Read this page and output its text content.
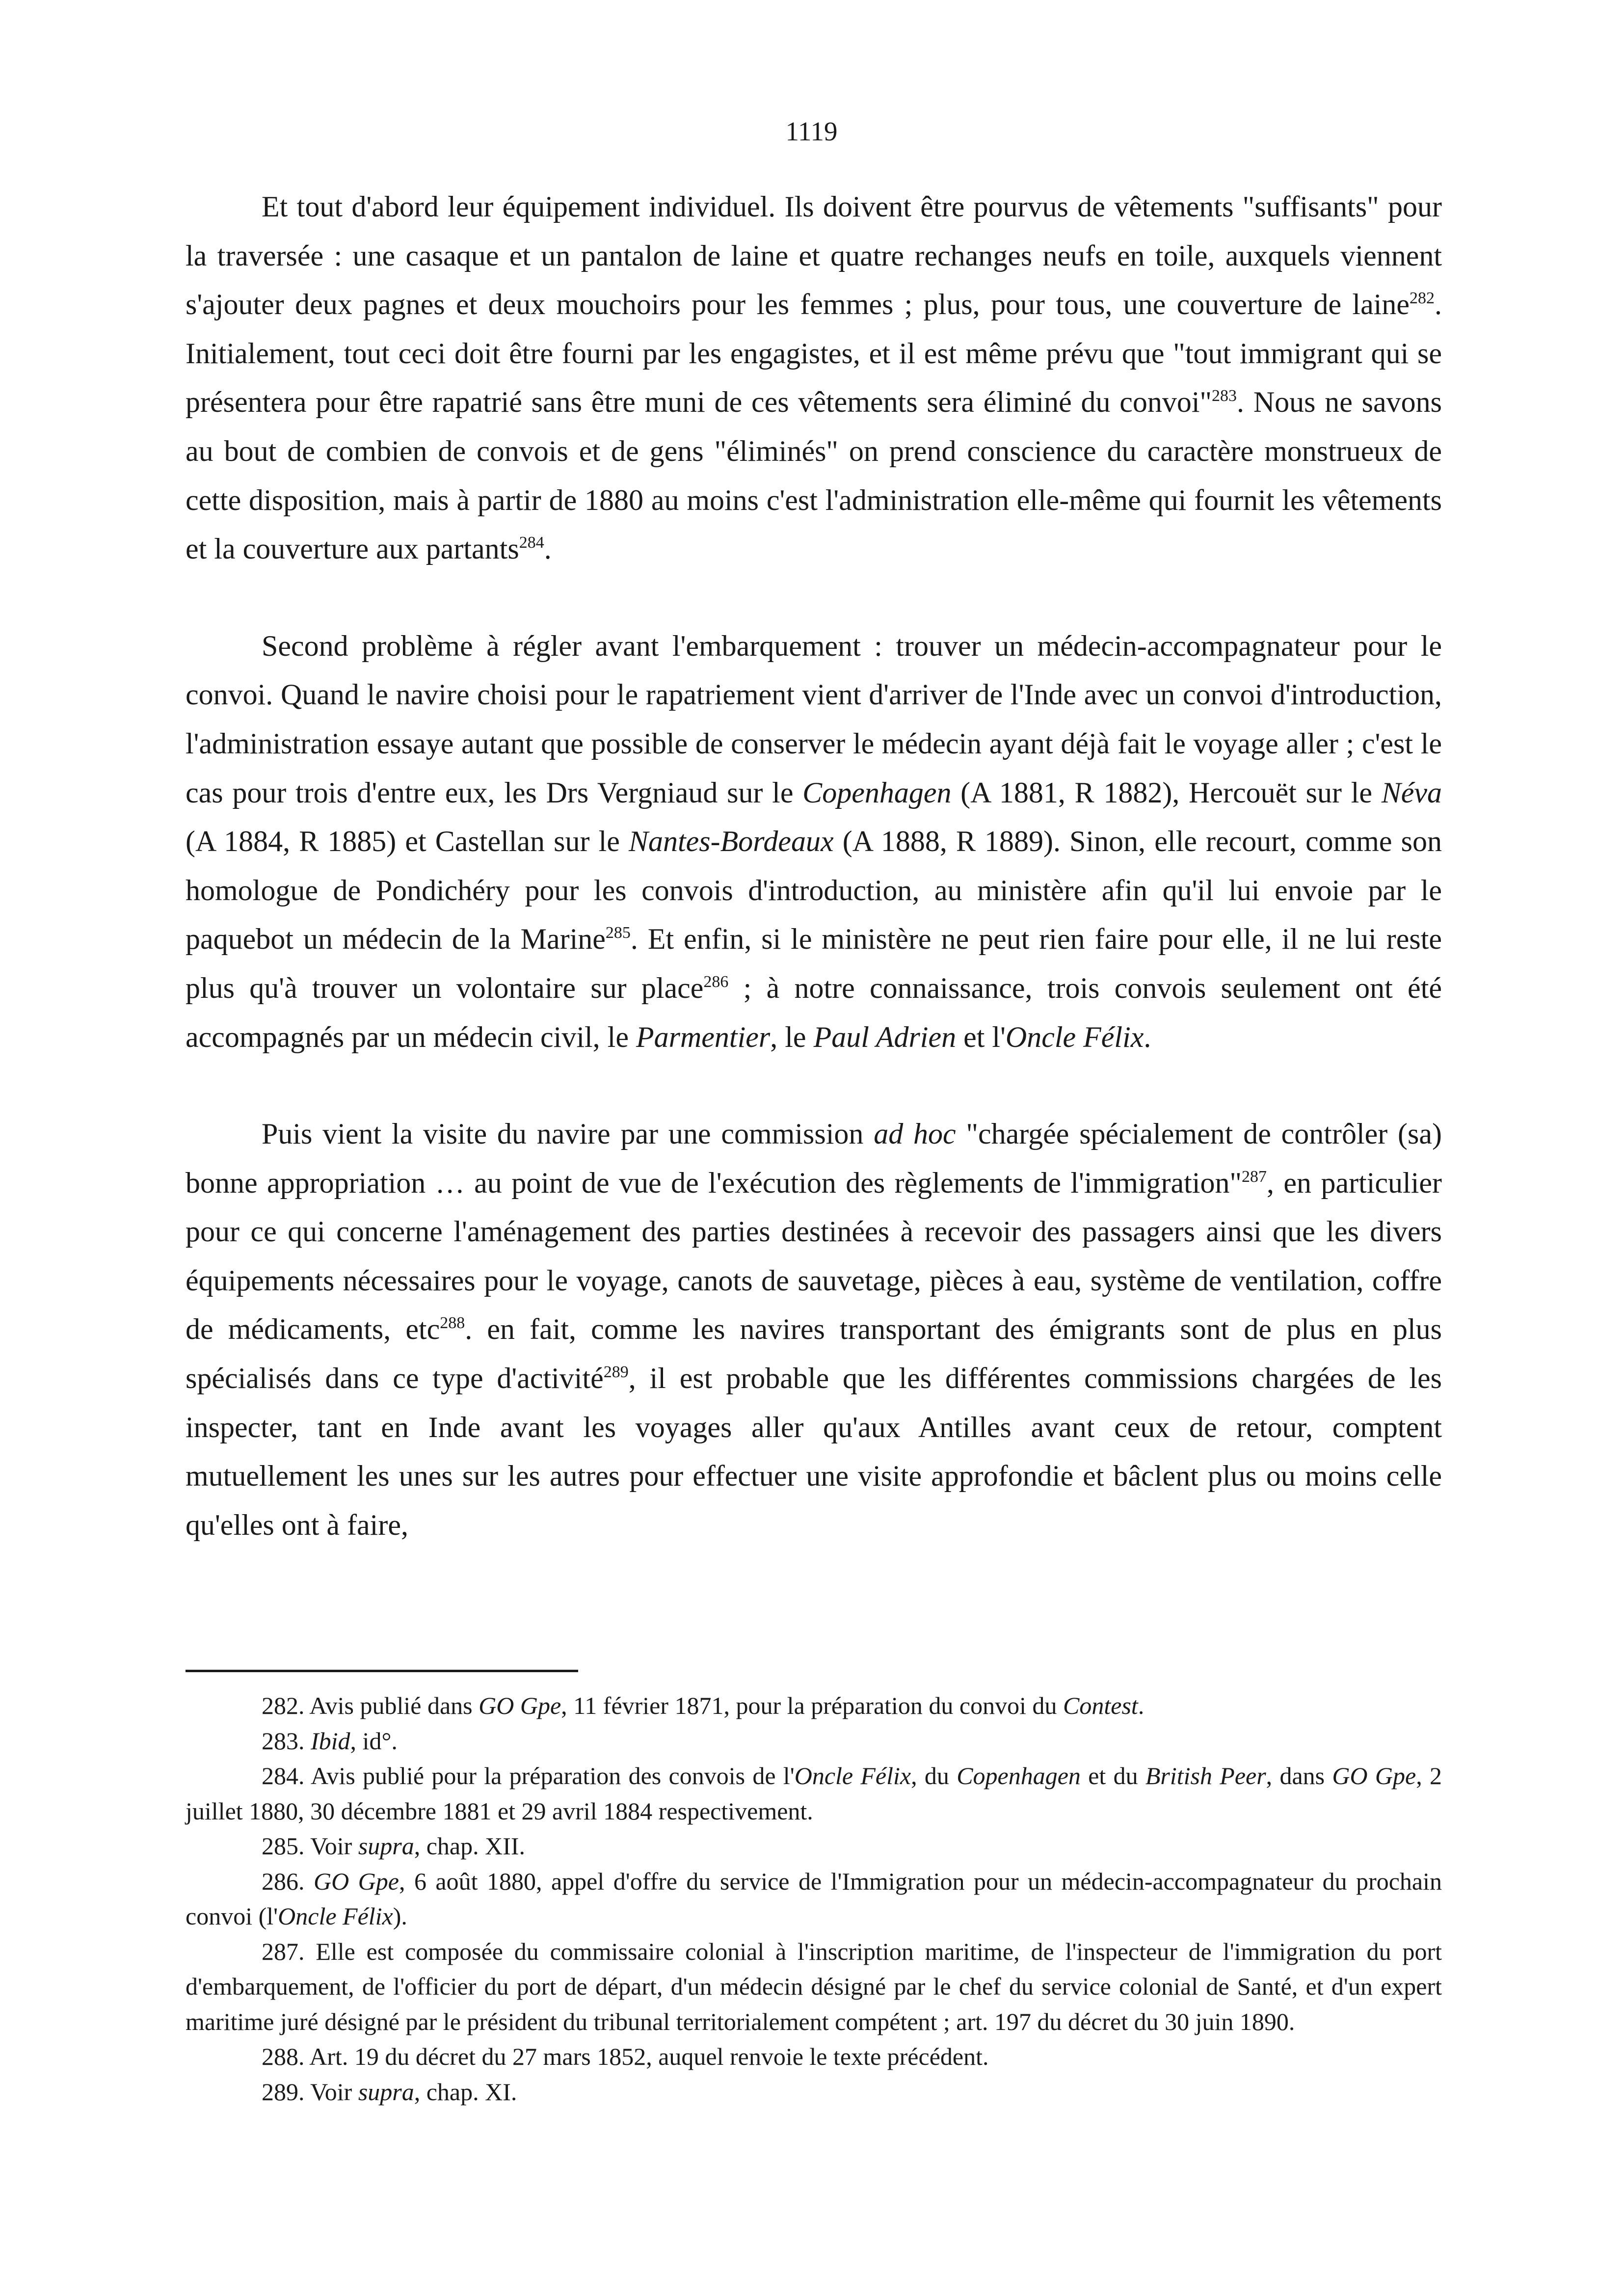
1119

Et tout d'abord leur équipement individuel. Ils doivent être pourvus de vêtements "suffisants" pour la traversée : une casaque et un pantalon de laine et quatre rechanges neufs en toile, auxquels viennent s'ajouter deux pagnes et deux mouchoirs pour les femmes ; plus, pour tous, une couverture de laine$^{282}$. Initialement, tout ceci doit être fourni par les engagistes, et il est même prévu que "tout immigrant qui se présentera pour être rapatrié sans être muni de ces vêtements sera éliminé du convoi"$^{283}$. Nous ne savons au bout de combien de convois et de gens "éliminés" on prend conscience du caractère monstrueux de cette disposition, mais à partir de 1880 au moins c'est l'administration elle-même qui fournit les vêtements et la couverture aux partants$^{284}$.

Second problème à régler avant l'embarquement : trouver un médecin-accompagnateur pour le convoi. Quand le navire choisi pour le rapatriement vient d'arriver de l'Inde avec un convoi d'introduction, l'administration essaye autant que possible de conserver le médecin ayant déjà fait le voyage aller ; c'est le cas pour trois d'entre eux, les Drs Vergniaud sur le Copenhagen (A 1881, R 1882), Hercouët sur le Néva (A 1884, R 1885) et Castellan sur le Nantes-Bordeaux (A 1888, R 1889). Sinon, elle recourt, comme son homologue de Pondichéry pour les convois d'introduction, au ministère afin qu'il lui envoie par le paquebot un médecin de la Marine$^{285}$. Et enfin, si le ministère ne peut rien faire pour elle, il ne lui reste plus qu'à trouver un volontaire sur place$^{286}$ ; à notre connaissance, trois convois seulement ont été accompagnés par un médecin civil, le Parmentier, le Paul Adrien et l'Oncle Félix.

Puis vient la visite du navire par une commission ad hoc "chargée spécialement de contrôler (sa) bonne appropriation … au point de vue de l'exécution des règlements de l'immigration"$^{287}$, en particulier pour ce qui concerne l'aménagement des parties destinées à recevoir des passagers ainsi que les divers équipements nécessaires pour le voyage, canots de sauvetage, pièces à eau, système de ventilation, coffre de médicaments, etc$^{288}$. en fait, comme les navires transportant des émigrants sont de plus en plus spécialisés dans ce type d'activité$^{289}$, il est probable que les différentes commissions chargées de les inspecter, tant en Inde avant les voyages aller qu'aux Antilles avant ceux de retour, comptent mutuellement les unes sur les autres pour effectuer une visite approfondie et bâclent plus ou moins celle qu'elles ont à faire,

282. Avis publié dans GO Gpe, 11 février 1871, pour la préparation du convoi du Contest.

283. Ibid, id°.

284. Avis publié pour la préparation des convois de l'Oncle Félix, du Copenhagen et du British Peer, dans GO Gpe, 2 juillet 1880, 30 décembre 1881 et 29 avril 1884 respectivement.

285. Voir supra, chap. XII.

286. GO Gpe, 6 août 1880, appel d'offre du service de l'Immigration pour un médecin-accompagnateur du prochain convoi (l'Oncle Félix).

287. Elle est composée du commissaire colonial à l'inscription maritime, de l'inspecteur de l'immigration du port d'embarquement, de l'officier du port de départ, d'un médecin désigné par le chef du service colonial de Santé, et d'un expert maritime juré désigné par le président du tribunal territorialement compétent ; art. 197 du décret du 30 juin 1890.

288. Art. 19 du décret du 27 mars 1852, auquel renvoie le texte précédent.

289. Voir supra, chap. XI.
